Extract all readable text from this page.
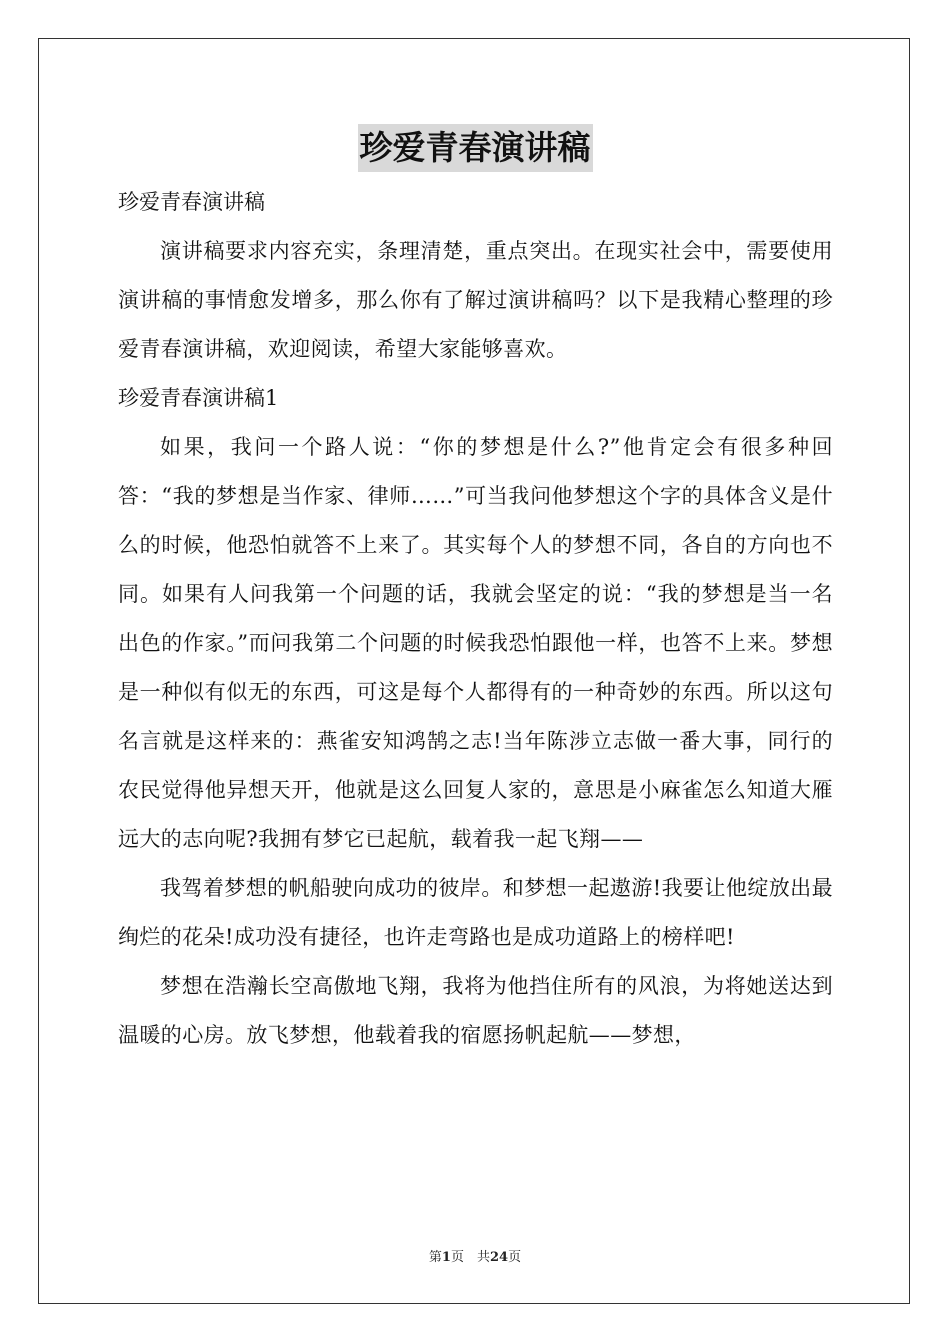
珍爱青春演讲稿

珍爱青春演讲稿

演讲稿要求内容充实，条理清楚，重点突出。在现实社会中，需要使用演讲稿的事情愈发增多，那么你有了解过演讲稿吗？以下是我精心整理的珍爱青春演讲稿，欢迎阅读，希望大家能够喜欢。

珍爱青春演讲稿1

如果，我问一个路人说：“你的梦想是什么?”他肯定会有很多种回答：“我的梦想是当作家、律师……”可当我问他梦想这个字的具体含义是什么的时候，他恐怕就答不上来了。其实每个人的梦想不同，各自的方向也不同。如果有人问我第一个问题的话，我就会坚定的说：“我的梦想是当一名出色的作家。”而问我第二个问题的时候我恐怕跟他一样，也答不上来。梦想是一种似有似无的东西，可这是每个人都得有的一种奇妙的东西。所以这句名言就是这样来的：燕雀安知鸿鹄之志!当年陈涉立志做一番大事，同行的农民觉得他异想天开，他就是这么回复人家的，意思是小麻雀怎么知道大雁远大的志向呢?我拥有梦它已起航，载着我一起飞翔——

我驾着梦想的帆船驶向成功的彼岸。和梦想一起遨游!我要让他绽放出最绚烂的花朵!成功没有捷径，也许走弯路也是成功道路上的榜样吧!

梦想在浩瀚长空高傲地飞翔，我将为他挡住所有的风浪，为将她送达到温暖的心房。放飞梦想，他载着我的宿愿扬帆起航——梦想，

第1页　共24页
